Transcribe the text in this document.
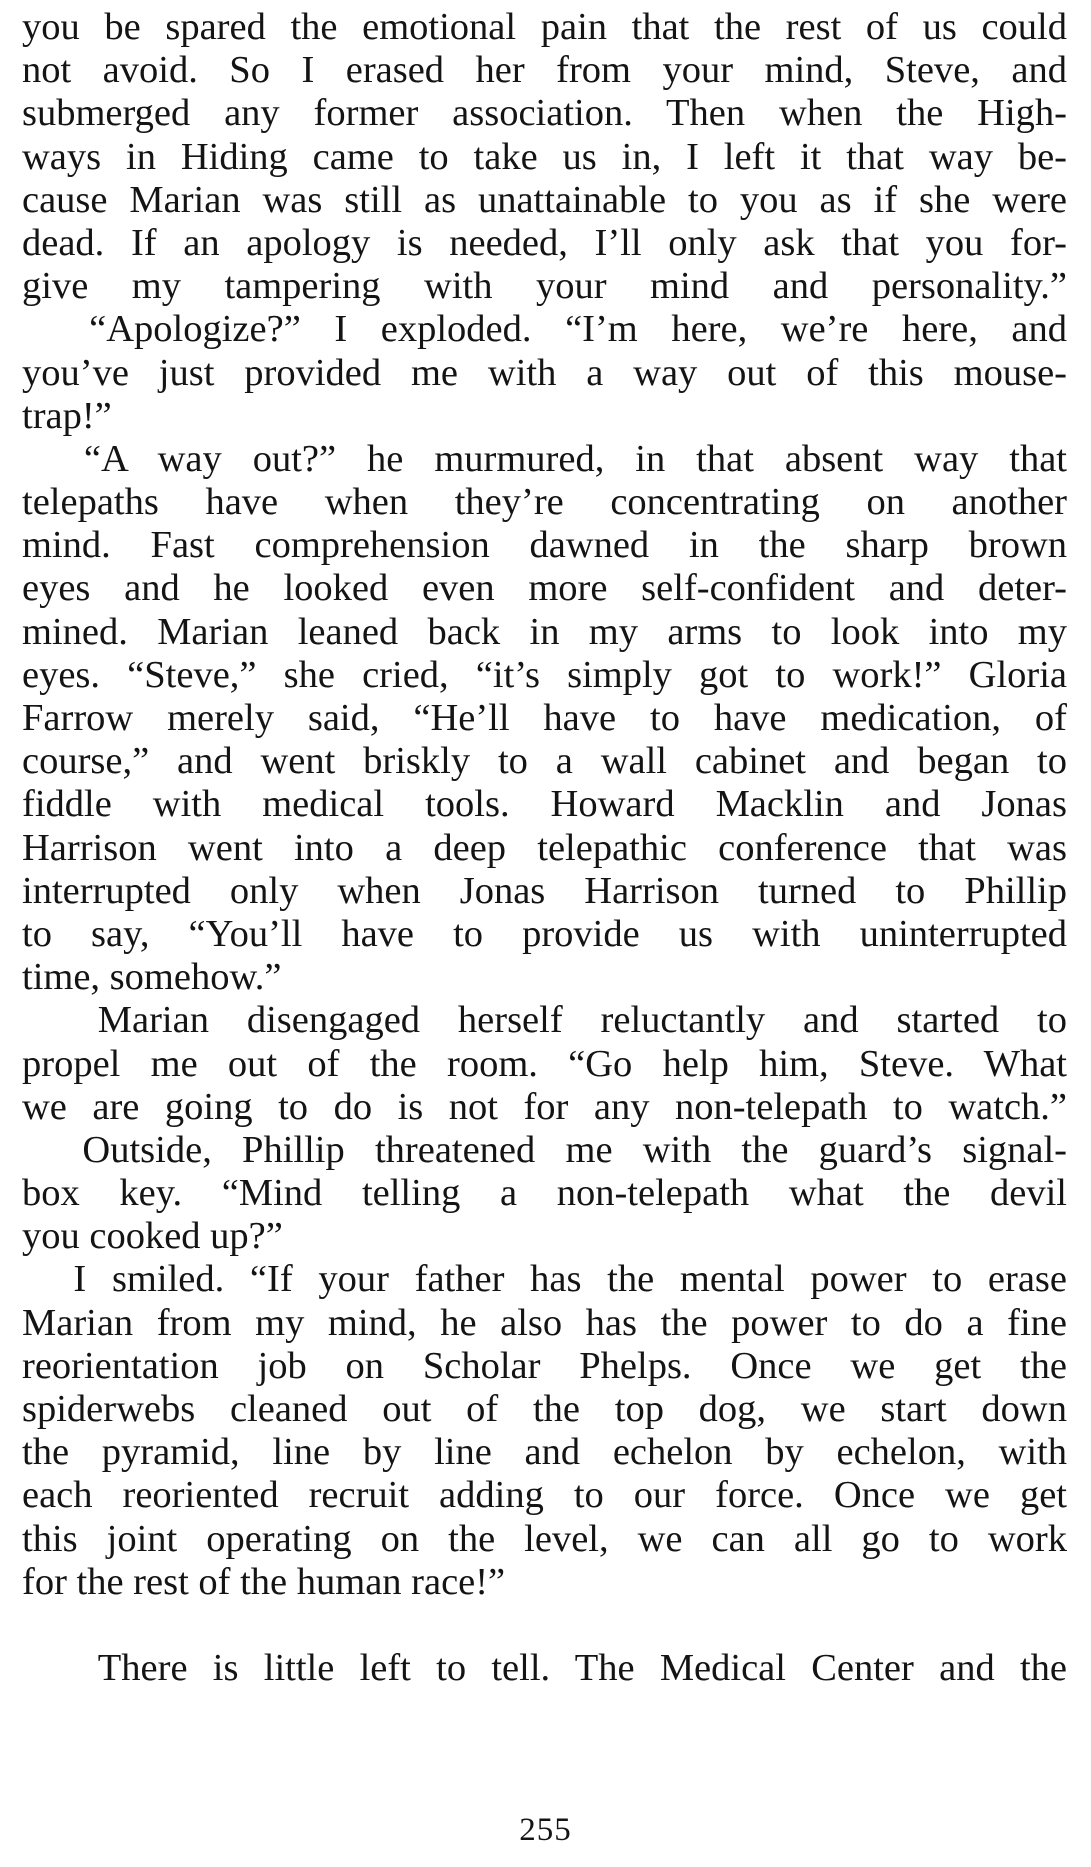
you be spared the emotional pain that the rest of us could
not avoid. So I erased her from your mind, Steve, and
submerged any former association. Then when the High-
ways in Hiding came to take us in, I left it that way be-
cause Marian was still as unattainable to you as if she were
dead. If an apology is needed, I’ll only ask that you for-
give my tampering with your mind and personality.”
“Apologize?” I exploded. “I’m here, we’re here, and
you’ve just provided me with a way out of this mouse-
trap!”
“A way out?” he murmured, in that absent way that
telepaths have when they’re concentrating on another
mind. Fast comprehension dawned in the sharp brown
eyes and he looked even more self-confident and deter-
mined. Marian leaned back in my arms to look into my
eyes. “Steve,” she cried, “it’s simply got to work!” Gloria
Farrow merely said, “He’ll have to have medication, of
course,” and went briskly to a wall cabinet and began to
fiddle with medical tools. Howard Macklin and Jonas
Harrison went into a deep telepathic conference that was
interrupted only when Jonas Harrison turned to Phillip
to say, “You’ll have to provide us with uninterrupted
time, somehow.”
Marian disengaged herself reluctantly and started to
propel me out of the room. “Go help him, Steve. What
we are going to do is not for any non-telepath to watch.”
Outside, Phillip threatened me with the guard’s signal-
box key. “Mind telling a non-telepath what the devil
you cooked up?”
I smiled. “If your father has the mental power to erase
Marian from my mind, he also has the power to do a fine
reorientation job on Scholar Phelps. Once we get the
spiderwebs cleaned out of the top dog, we start down
the pyramid, line by line and echelon by echelon, with
each reoriented recruit adding to our force. Once we get
this joint operating on the level, we can all go to work
for the rest of the human race!”
There is little left to tell. The Medical Center and the
255
